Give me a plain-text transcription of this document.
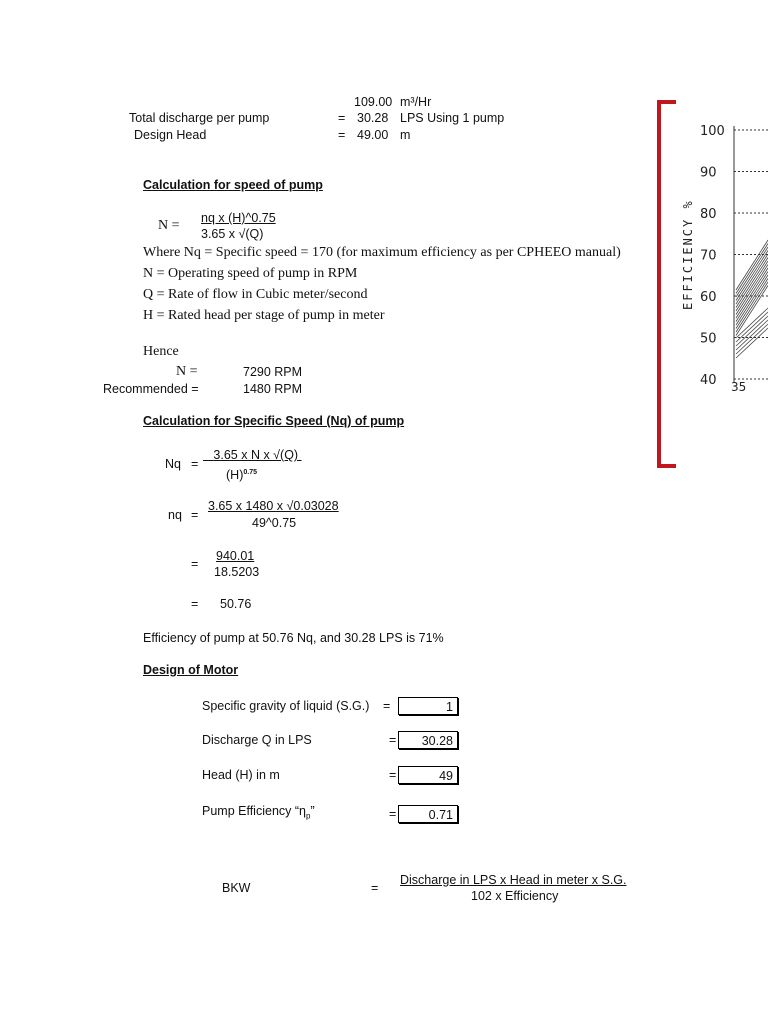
109.00 m³/Hr
Total discharge per pump	= 30.28 LPS Using 1 pump
Design Head	= 49.00 m
Calculation for speed of pump
N = nq x (H)^0.75
3.65 x √(Q)
Where Nq = Specific speed = 170 (for maximum efficiency as per CPHEEO manual)
N = Operating speed of pump in RPM
Q = Rate of flow in Cubic meter/second
H = Rated head per stage of pump in meter
Hence
N =	7290 RPM
Recommended =	1480 RPM
Calculation for Specific Speed (Nq) of pump
Nq =
3.65 x N x √(Q)
$(H)^{0.75}$
nq =
3.65 x 1480 x √0.03028
49^0.75
=
940.01
18.5203
= 50.76
Efficiency of pump at 50.76 Nq, and 30.28 LPS is 71%
Design of Motor
Specific gravity of liquid (S.G.) =	1
Discharge Q in LPS	=	30.28
Head (H) in m	=	49
Pump Efficiency “$\eta_p$”	=	0.71
BKW	=
Discharge in LPS x Head in meter x S.G.
102 x Efficiency
EFFICIENCY %
100
90
80
70
60
50
40 35
